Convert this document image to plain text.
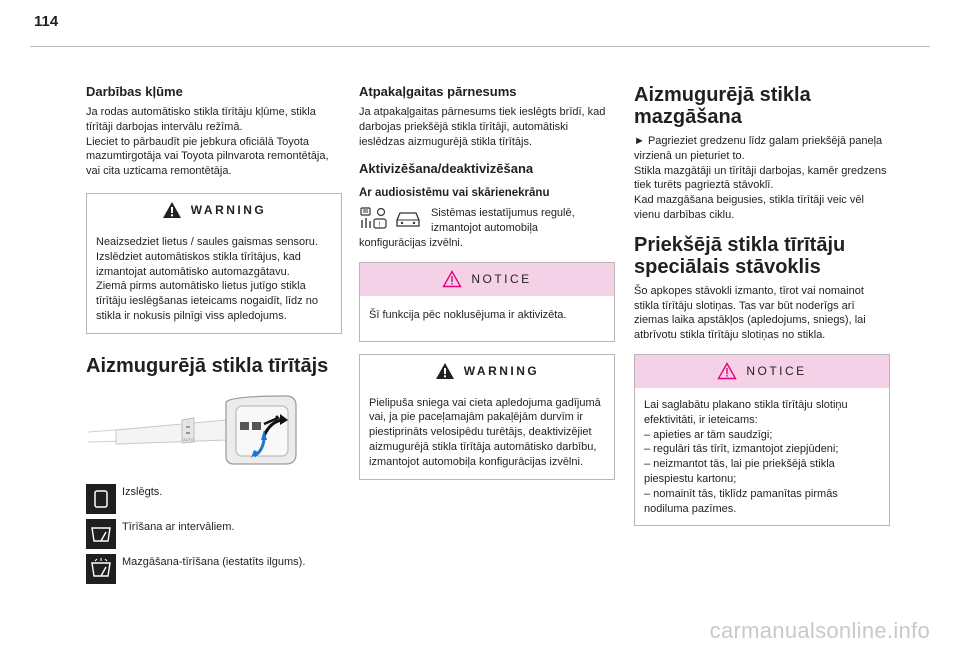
114
Darbības kļūme

Ja rodas automātisko stikla tīrītāju kļūme, stikla tīrītāji darbojas intervālu režīmā.
Lieciet to pārbaudīt pie jebkura oficiālā Toyota mazumtirgotāja vai Toyota pilnvarota remontētāja, vai cita uzticama remontētāja.

WARNING

Neaizsedziet lietus / saules gaismas sensoru.
Izslēdziet automātiskos stikla tīrītājus, kad izmantojat automātisko automazgātavu.
Ziemā pirms automātisko lietus jutīgo stikla tīrītāju ieslēgšanas ieteicams nogaidīt, līdz no stikla ir nokusis pilnīgi viss apledojums.

Aizmugurējā stikla tīrītājs
~
AUTO
Izslēgts.
Tīrīšana ar intervāliem.
Mazgāšana-tīrīšana (iestatīts ilgums).
Atpakaļgaitas pārnesums

Ja atpakaļgaitas pārnesums tiek ieslēgts brīdī, kad darbojas priekšējā stikla tīrītāji, automātiski ieslēdzas aizmugurējā stikla tīrītājs.

Aktivizēšana/deaktivizēšana
Ar audiosistēmu vai skārienekrānu
!

Sistēmas iestatījumus regulē, izmantojot automobiļa

konfigurācijas izvēlni.

NOTICE

Šī funkcija pēc noklusējuma ir aktivizēta.

WARNING

Pielipuša sniega vai cieta apledojuma gadījumā vai, ja pie paceļamajām pakaļējām durvīm ir piestiprināts velosipēdu turētājs, deaktivizējiet aizmugurējā stikla tīrītāja automātisko darbību, izmantojot automobiļa konfigurācijas izvēlni.

Aizmugurējā stikla mazgāšana

► Pagrieziet gredzenu līdz galam priekšējā paneļa virzienā un pieturiet to.
Stikla mazgātāji un tīrītāji darbojas, kamēr gredzens tiek turēts pagrieztā stāvoklī.
Kad mazgāšana beigusies, stikla tīrītāji veic vēl vienu darbības ciklu.

Priekšējā stikla tīrītāju speciālais stāvoklis

Šo apkopes stāvokli izmanto, tīrot vai nomainot stikla tīrītāju slotiņas. Tas var būt noderīgs arī ziemas laika apstākļos (apledojums, sniegs), lai atbrīvotu stikla tīrītāju slotiņas no stikla.

NOTICE

Lai saglabātu plakano stikla tīrītāju slotiņu efektivitāti, ir ieteicams:
– apieties ar tām saudzīgi;
– regulāri tās tīrīt, izmantojot ziepjūdeni;
– neizmantot tās, lai pie priekšējā stikla piespiestu kartonu;
– nomainīt tās, tiklīdz pamanītas pirmās nodiluma pazīmes.

carmanualsonline.info
